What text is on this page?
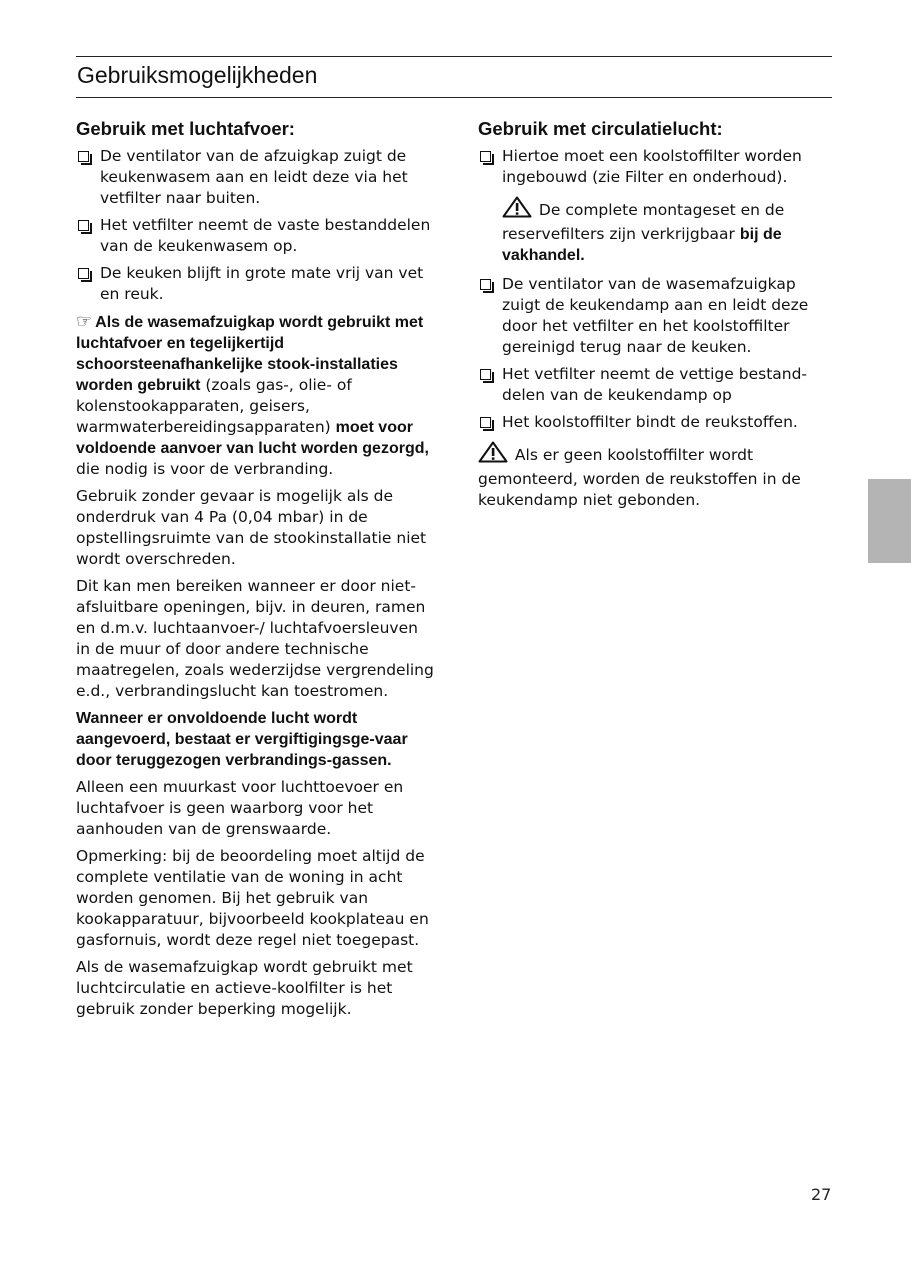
Gebruiksmogelijkheden
Gebruik met luchtafvoer:
De ventilator van de afzuigkap zuigt de keukenwasem aan en leidt deze via het vetfilter naar buiten.
Het vetfilter neemt de vaste bestanddelen van de keukenwasem op.
De keuken blijft in grote mate vrij van vet en reuk.
☞ Als de wasemafzuigkap wordt gebruikt met luchtafvoer en tegelijkertijd schoorsteenafhankelijke stook-installaties worden gebruikt (zoals gas-, olie- of kolenstookapparaten, geisers, warmwaterbereidingsapparaten) moet voor voldoende aanvoer van lucht worden gezorgd, die nodig is voor de verbranding.
Gebruik zonder gevaar is mogelijk als de onderdruk van 4 Pa (0,04 mbar) in de opstellingsruimte van de stookinstallatie niet wordt overschreden.
Dit kan men bereiken wanneer er door niet-afsluitbare openingen, bijv. in deuren, ramen en d.m.v. luchtaanvoer-/ luchtafvoersleuven in de muur of door andere technische maatregelen, zoals wederzijdse vergrendeling e.d., verbrandingslucht kan toestromen.
Wanneer er onvoldoende lucht wordt aangevoerd, bestaat er vergiftigingsge-vaar door teruggezogen verbrandings-gassen.
Alleen een muurkast voor luchttoevoer en luchtafvoer is geen waarborg voor het aanhouden van de grenswaarde.
Opmerking: bij de beoordeling moet altijd de complete ventilatie van de woning in acht worden genomen. Bij het gebruik van kookapparatuur, bijvoorbeeld kookplateau en gasfornuis, wordt deze regel niet toegepast.
Als de wasemafzuigkap wordt gebruikt met luchtcirculatie en actieve-koolfilter is het gebruik zonder beperking mogelijk.
Gebruik met circulatielucht:
Hiertoe moet een koolstoffilter worden ingebouwd (zie Filter en onderhoud).
De complete montageset en de reservefilters zijn verkrijgbaar bij de vakhandel.
De ventilator van de wasemafzuigkap zuigt de keukendamp aan en leidt deze door het vetfilter en het koolstoffilter gereinigd terug naar de keuken.
Het vetfilter neemt de vettige bestand-delen van de keukendamp op
Het koolstoffilter bindt de reukstoffen.
Als er geen koolstoffilter wordt gemonteerd, worden de reukstoffen in de keukendamp niet gebonden.
27
